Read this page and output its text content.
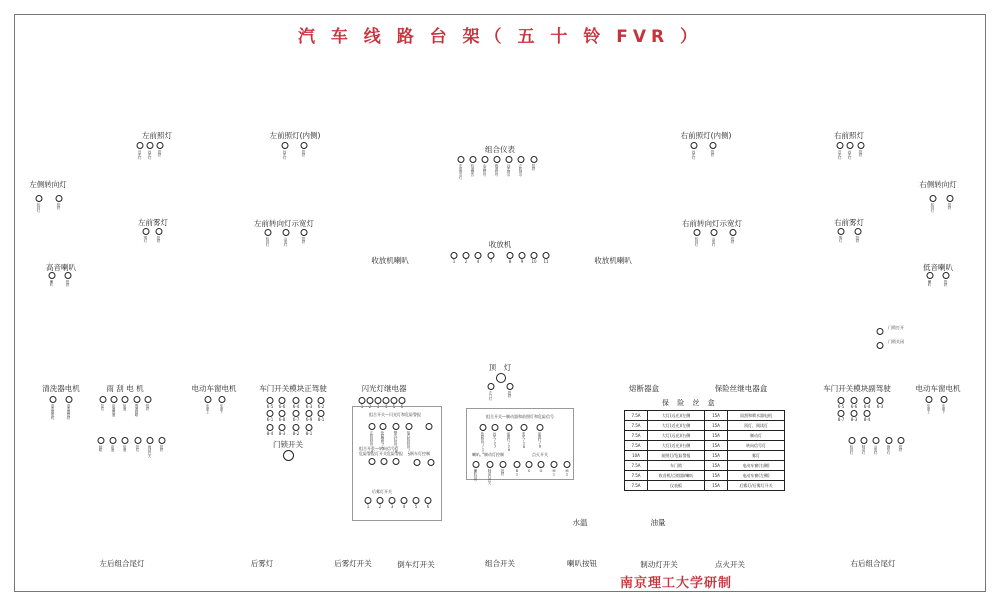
汽 车 线 路 台 架（ 五 十 铃 FVR ）
南京理工大学研制
左前照灯	左前照灯(内侧)
组合仪表
右前照灯(内侧)	右前照灯
左侧转向灯	右侧转向灯
左前雾灯	左前转向灯示宽灯	右前转向灯示宽灯	右前雾灯
收放机
高音喇叭
收放机喇叭	收放机喇叭
低音喇叭
顶　灯
清洗器电机	雨 刮 电 机	电动车窗电机	车门开关模块正驾驶	闪光灯继电器	熔断器盒	保险丝继电器盒	车门开关模块副驾驶	电动车窗电机
门锁开关
水温	油量
左后组合尾灯	后雾灯	后雾灯开关	倒车灯开关	组合开关	喇叭按钮	制动灯开关	点火开关	右后组合尾灯
近光灯 远光灯 搭铁	远光灯	搭铁
充电指示灯 机油警告 水温信号 燃油信号 远光指示 左转指示	搭铁
远光灯	搭铁	近光灯 远光灯 搭铁
转向灯	搭铁	转向灯	搭铁
雾灯	搭铁	转向灯	示宽灯	搭铁	转向灯	示宽灯	搭铁	雾灯	搭铁
1	2	4	7	8	9	10 11
喇叭	搭铁	喇叭	搭铁
清洗器电机	清洗器搭铁	复位 高速慢速 低速 慢速间歇 搭铁
间歇 高速 低速	复位 雨刮开关 搭铁
车窗上	车窗下	6-5 6-6 6-4 6-3 6-2
6-1 6-8 6-7 6-9 8-1
8-4 8-3 8-2 8-1
1	2	3	4	5	6
左门灯	搭铁
6-5 6-6 6-4 6-3
8-7 8-3 8-4
车窗上	车窗下
转向灯 制动灯 示宽灯	倒车灯 搭铁
门锁打开
门锁关闭
组合开关—闪光灯和危险警报
左转向信号/4 危险警报/5	警告灯信号/4	接右转向信号/5
组合开关—转向信号灯
危险警报灯开关危险警报 倒车灯控制
后雾灯开关
1	2	3	4	5	6
组合开关—制动器和前照灯和危险信号
危险信号/11 远光/27	前照灯/26	变光/28	前照灯/8
喇叭、制动灯控制	点火开关
喇叭信号	制动灯开关	搭铁	B1 S G	M1	M2
保 险 丝 盒
7.5A	大灯(远光)/左侧	15A	雨刮和喷水器电机
7.5A	大灯(近光)/左侧	15A	顶灯、阅读灯
7.5A	大灯(远光)/右侧	15A	制动灯
7.5A	大灯(近光)/右侧	15A	转向信号灯
10A	前照灯/危险警报	15A	雾灯
7.5A	车门锁	15A	电动车窗(右侧)
7.5A	收音机/点烟器/喇叭	15A	电动车窗(左侧)
7.5A	仪表板	15A	后雾灯/后雾灯开关
